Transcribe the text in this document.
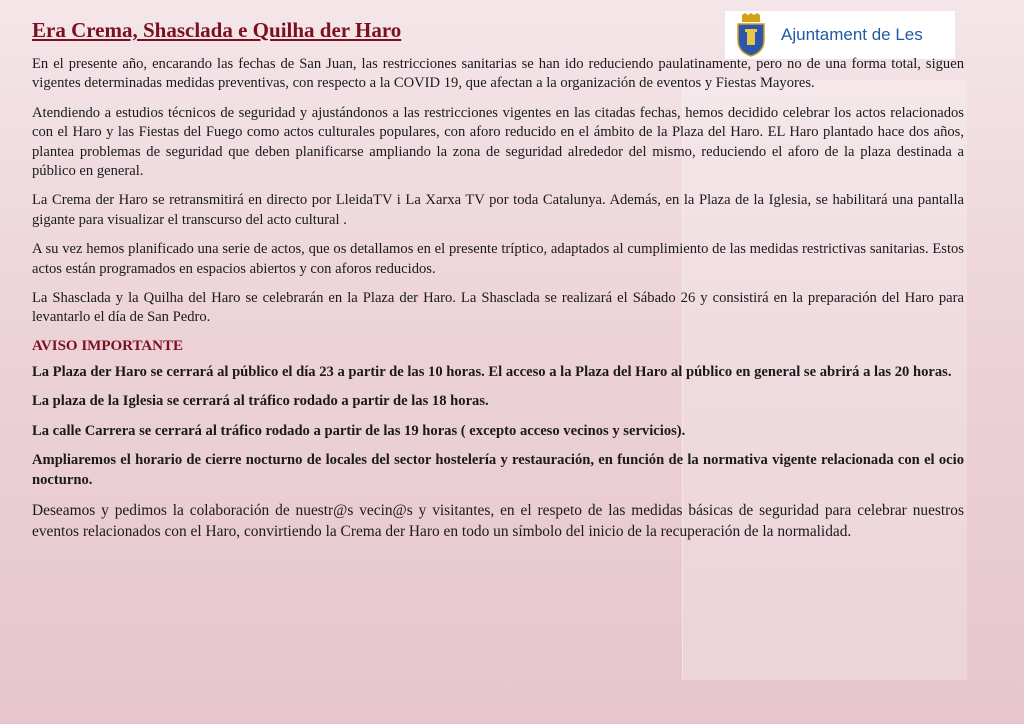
Ajuntament de Les
Era Crema, Shasclada e Quilha der Haro

En el presente año, encarando las fechas de San Juan, las restricciones sanitarias se han ido reduciendo paulatinamente, pero no de una forma total, siguen vigentes determinadas medidas preventivas, con respecto a la COVID 19, que afectan a la organización de eventos y Fiestas Mayores.

Atendiendo a estudios técnicos de seguridad y ajustándonos a las restricciones vigentes en las citadas fechas, hemos decidido celebrar los actos relacionados con el Haro y las Fiestas del Fuego como actos culturales populares, con aforo reducido en el ámbito de la Plaza del Haro. EL Haro plantado hace dos años, plantea problemas de seguridad que deben planificarse ampliando la zona de seguridad alrededor del mismo, reduciendo el aforo de la plaza destinada a público en general.

La Crema der Haro se retransmitirá en directo por LleidaTV i La Xarxa TV por toda Catalunya. Además, en la Plaza de la Iglesia, se habilitará una pantalla gigante para visualizar el transcurso del acto cultural .

A su vez hemos planificado una serie de actos, que os detallamos en el presente tríptico, adaptados al cumplimiento de las medidas restrictivas sanitarias. Estos actos están programados en espacios abiertos y con aforos reducidos.

La Shasclada y la Quilha del Haro se celebrarán en la Plaza der Haro. La Shasclada se realizará el Sábado 26 y consistirá en la preparación del Haro para levantarlo el día de San Pedro.

AVISO IMPORTANTE

La Plaza der Haro se cerrará al público el día 23 a partir de las 10 horas. El acceso a la Plaza del Haro al público en general se abrirá a las 20 horas.

La plaza de la Iglesia se cerrará al tráfico rodado a partir de las 18 horas.

La calle Carrera se cerrará al tráfico rodado a partir de las 19 horas ( excepto acceso vecinos y servicios).

Ampliaremos el horario de cierre nocturno de locales del sector hostelería y restauración, en función de la normativa vigente relacionada con el ocio nocturno.

Deseamos y pedimos la colaboración de nuestr@s vecin@s y visitantes, en el respeto de las medidas básicas de seguridad para celebrar nuestros eventos relacionados con el Haro, convirtiendo la Crema der Haro en todo un símbolo del inicio de la recuperación de la normalidad.
